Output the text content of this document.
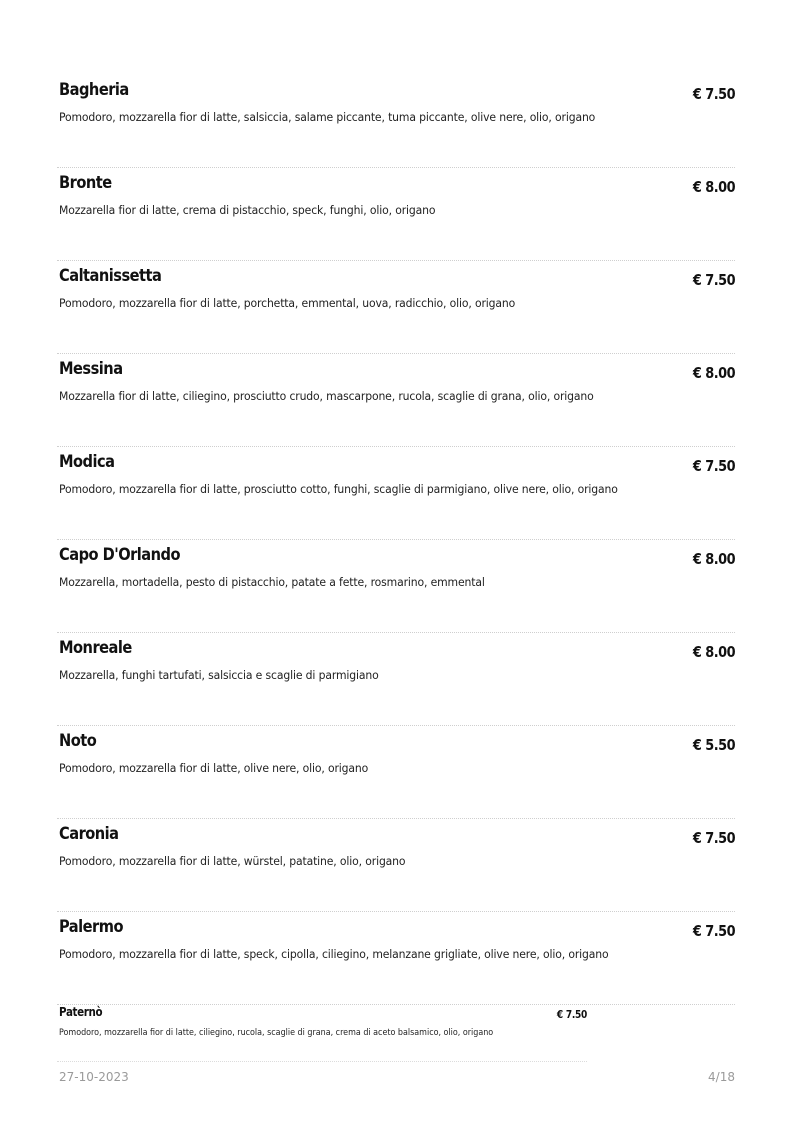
Bagheria
Pomodoro, mozzarella fior di latte, salsiccia, salame piccante, tuma piccante, olive nere, olio, origano
€ 7.50
Bronte
Mozzarella fior di latte, crema di pistacchio, speck, funghi, olio, origano
€ 8.00
Caltanissetta
Pomodoro, mozzarella fior di latte, porchetta, emmental, uova, radicchio, olio, origano
€ 7.50
Messina
Mozzarella fior di latte, ciliegino, prosciutto crudo, mascarpone, rucola, scaglie di grana, olio, origano
€ 8.00
Modica
Pomodoro, mozzarella fior di latte, prosciutto cotto, funghi, scaglie di parmigiano, olive nere, olio, origano
€ 7.50
Capo D'Orlando
Mozzarella, mortadella, pesto di pistacchio, patate a fette, rosmarino, emmental
€ 8.00
Monreale
Mozzarella, funghi tartufati, salsiccia e scaglie di parmigiano
€ 8.00
Noto
Pomodoro, mozzarella fior di latte, olive nere, olio, origano
€ 5.50
Caronia
Pomodoro, mozzarella fior di latte, würstel, patatine, olio, origano
€ 7.50
Palermo
Pomodoro, mozzarella fior di latte, speck, cipolla, ciliegino, melanzane grigliate, olive nere, olio, origano
€ 7.50
Paternò
Pomodoro, mozzarella fior di latte, ciliegino, rucola, scaglie di grana, crema di aceto balsamico, olio, origano
€ 7.50
27-10-2023	4/18
